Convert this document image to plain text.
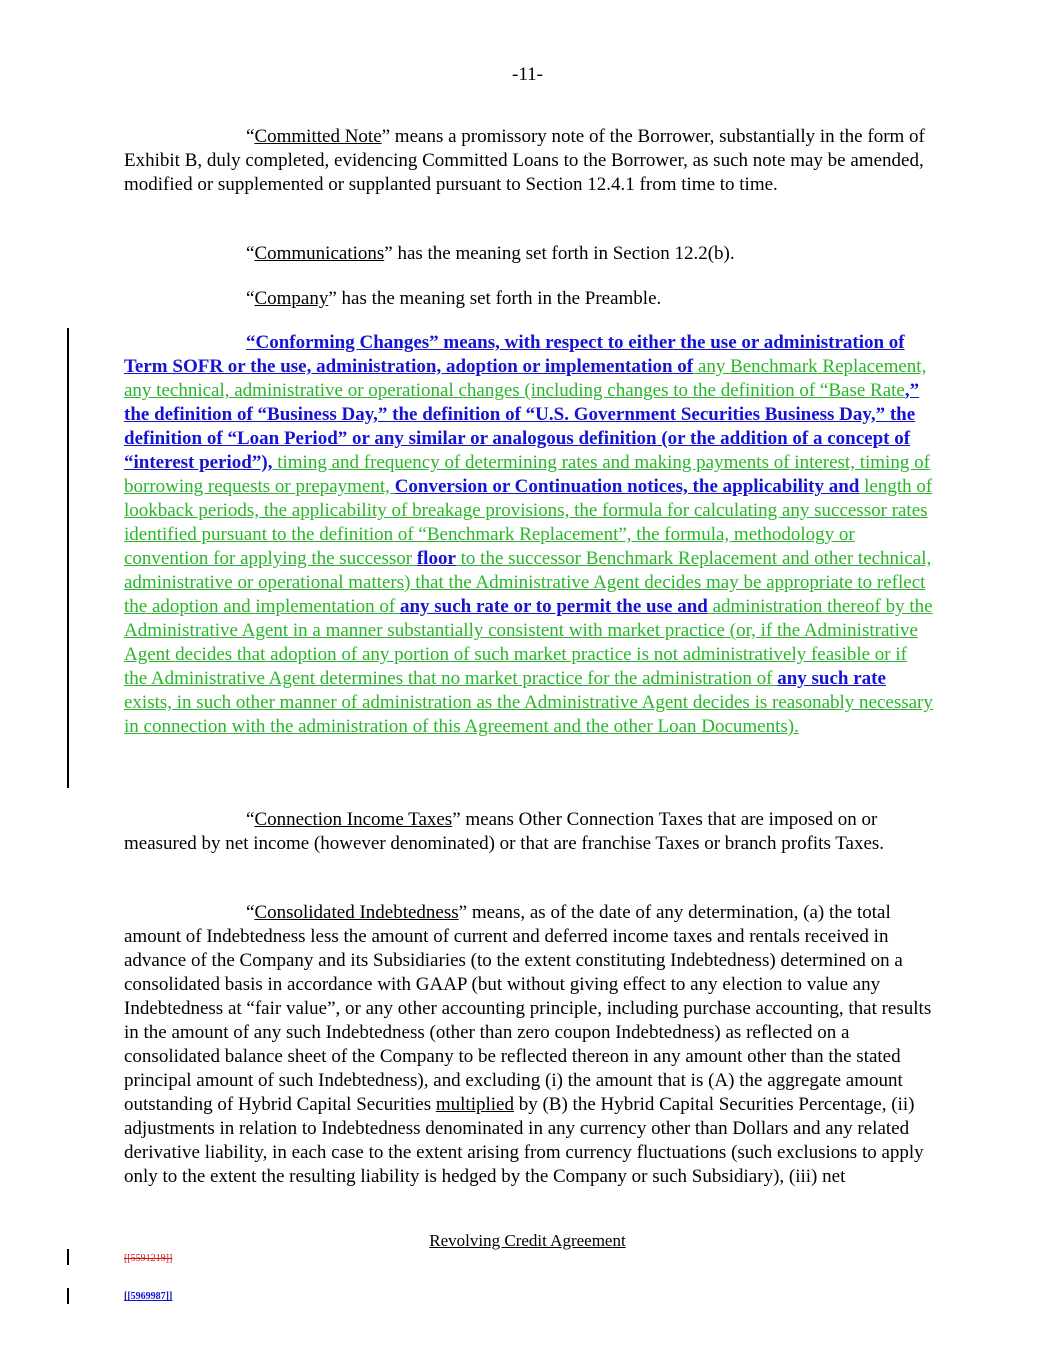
-11-

“Committed Note” means a promissory note of the Borrower, substantially in the form of Exhibit B, duly completed, evidencing Committed Loans to the Borrower, as such note may be amended, modified or supplemented or supplanted pursuant to Section 12.4.1 from time to time.

“Communications” has the meaning set forth in Section 12.2(b).

“Company” has the meaning set forth in the Preamble.

“Conforming Changes” means, with respect to either the use or administration of Term SOFR or the use, administration, adoption or implementation of any Benchmark Replacement, any technical, administrative or operational changes (including changes to the definition of “Base Rate,” the definition of “Business Day,” the definition of “U.S. Government Securities Business Day,” the definition of “Loan Period” or any similar or analogous definition (or the addition of a concept of “interest period”), timing and frequency of determining rates and making payments of interest, timing of borrowing requests or prepayment, Conversion or Continuation notices, the applicability and length of lookback periods, the applicability of breakage provisions, the formula for calculating any successor rates identified pursuant to the definition of “Benchmark Replacement”, the formula, methodology or convention for applying the successor floor to the successor Benchmark Replacement and other technical, administrative or operational matters) that the Administrative Agent decides may be appropriate to reflect the adoption and implementation of any such rate or to permit the use and administration thereof by the Administrative Agent in a manner substantially consistent with market practice (or, if the Administrative Agent decides that adoption of any portion of such market practice is not administratively feasible or if the Administrative Agent determines that no market practice for the administration of any such rate exists, in such other manner of administration as the Administrative Agent decides is reasonably necessary in connection with the administration of this Agreement and the other Loan Documents).

“Connection Income Taxes” means Other Connection Taxes that are imposed on or measured by net income (however denominated) or that are franchise Taxes or branch profits Taxes.

“Consolidated Indebtedness” means, as of the date of any determination, (a) the total amount of Indebtedness less the amount of current and deferred income taxes and rentals received in advance of the Company and its Subsidiaries (to the extent constituting Indebtedness) determined on a consolidated basis in accordance with GAAP (but without giving effect to any election to value any Indebtedness at “fair value”, or any other accounting principle, including purchase accounting, that results in the amount of any such Indebtedness (other than zero coupon Indebtedness) as reflected on a consolidated balance sheet of the Company to be reflected thereon in any amount other than the stated principal amount of such Indebtedness), and excluding (i) the amount that is (A) the aggregate amount outstanding of Hybrid Capital Securities multiplied by (B) the Hybrid Capital Securities Percentage, (ii) adjustments in relation to Indebtedness denominated in any currency other than Dollars and any related derivative liability, in each case to the extent arising from currency fluctuations (such exclusions to apply only to the extent the resulting liability is hedged by the Company or such Subsidiary), (iii) net

Revolving Credit Agreement
[[5591219]]
[[5969987]]
